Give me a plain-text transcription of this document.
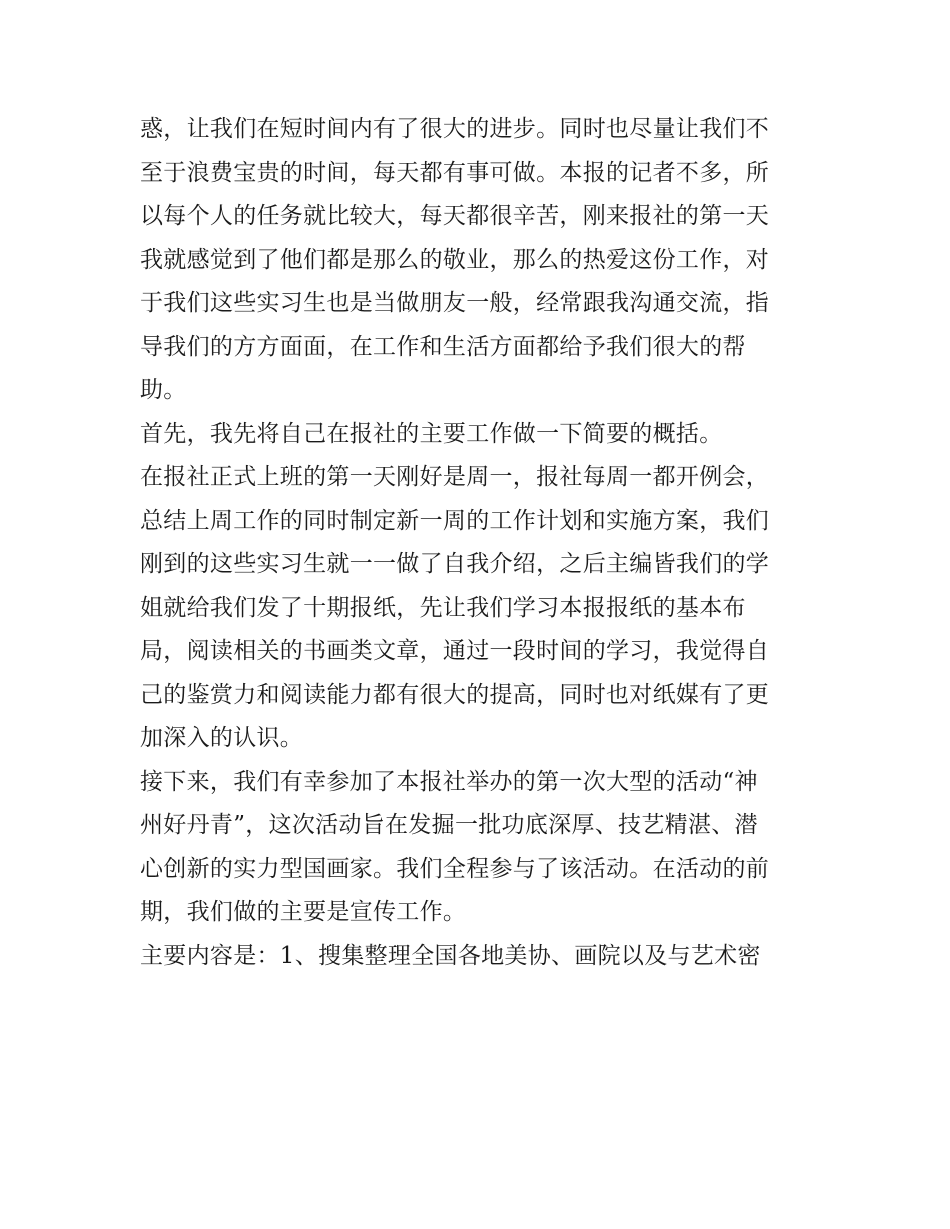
惑，让我们在短时间内有了很大的进步。同时也尽量让我们不
至于浪费宝贵的时间，每天都有事可做。本报的记者不多，所
以每个人的任务就比较大，每天都很辛苦，刚来报社的第一天
我就感觉到了他们都是那么的敬业，那么的热爱这份工作，对
于我们这些实习生也是当做朋友一般，经常跟我沟通交流，指
导我们的方方面面，在工作和生活方面都给予我们很大的帮
助。
首先，我先将自己在报社的主要工作做一下简要的概括。
在报社正式上班的第一天刚好是周一，报社每周一都开例会，
总结上周工作的同时制定新一周的工作计划和实施方案，我们
刚到的这些实习生就一一做了自我介绍，之后主编皆我们的学
姐就给我们发了十期报纸，先让我们学习本报报纸的基本布
局，阅读相关的书画类文章，通过一段时间的学习，我觉得自
己的鉴赏力和阅读能力都有很大的提高，同时也对纸媒有了更
加深入的认识。
接下来，我们有幸参加了本报社举办的第一次大型的活动“神
州好丹青”，这次活动旨在发掘一批功底深厚、技艺精湛、潜
心创新的实力型国画家。我们全程参与了该活动。在活动的前
期，我们做的主要是宣传工作。
主要内容是：1、搜集整理全国各地美协、画院以及与艺术密
